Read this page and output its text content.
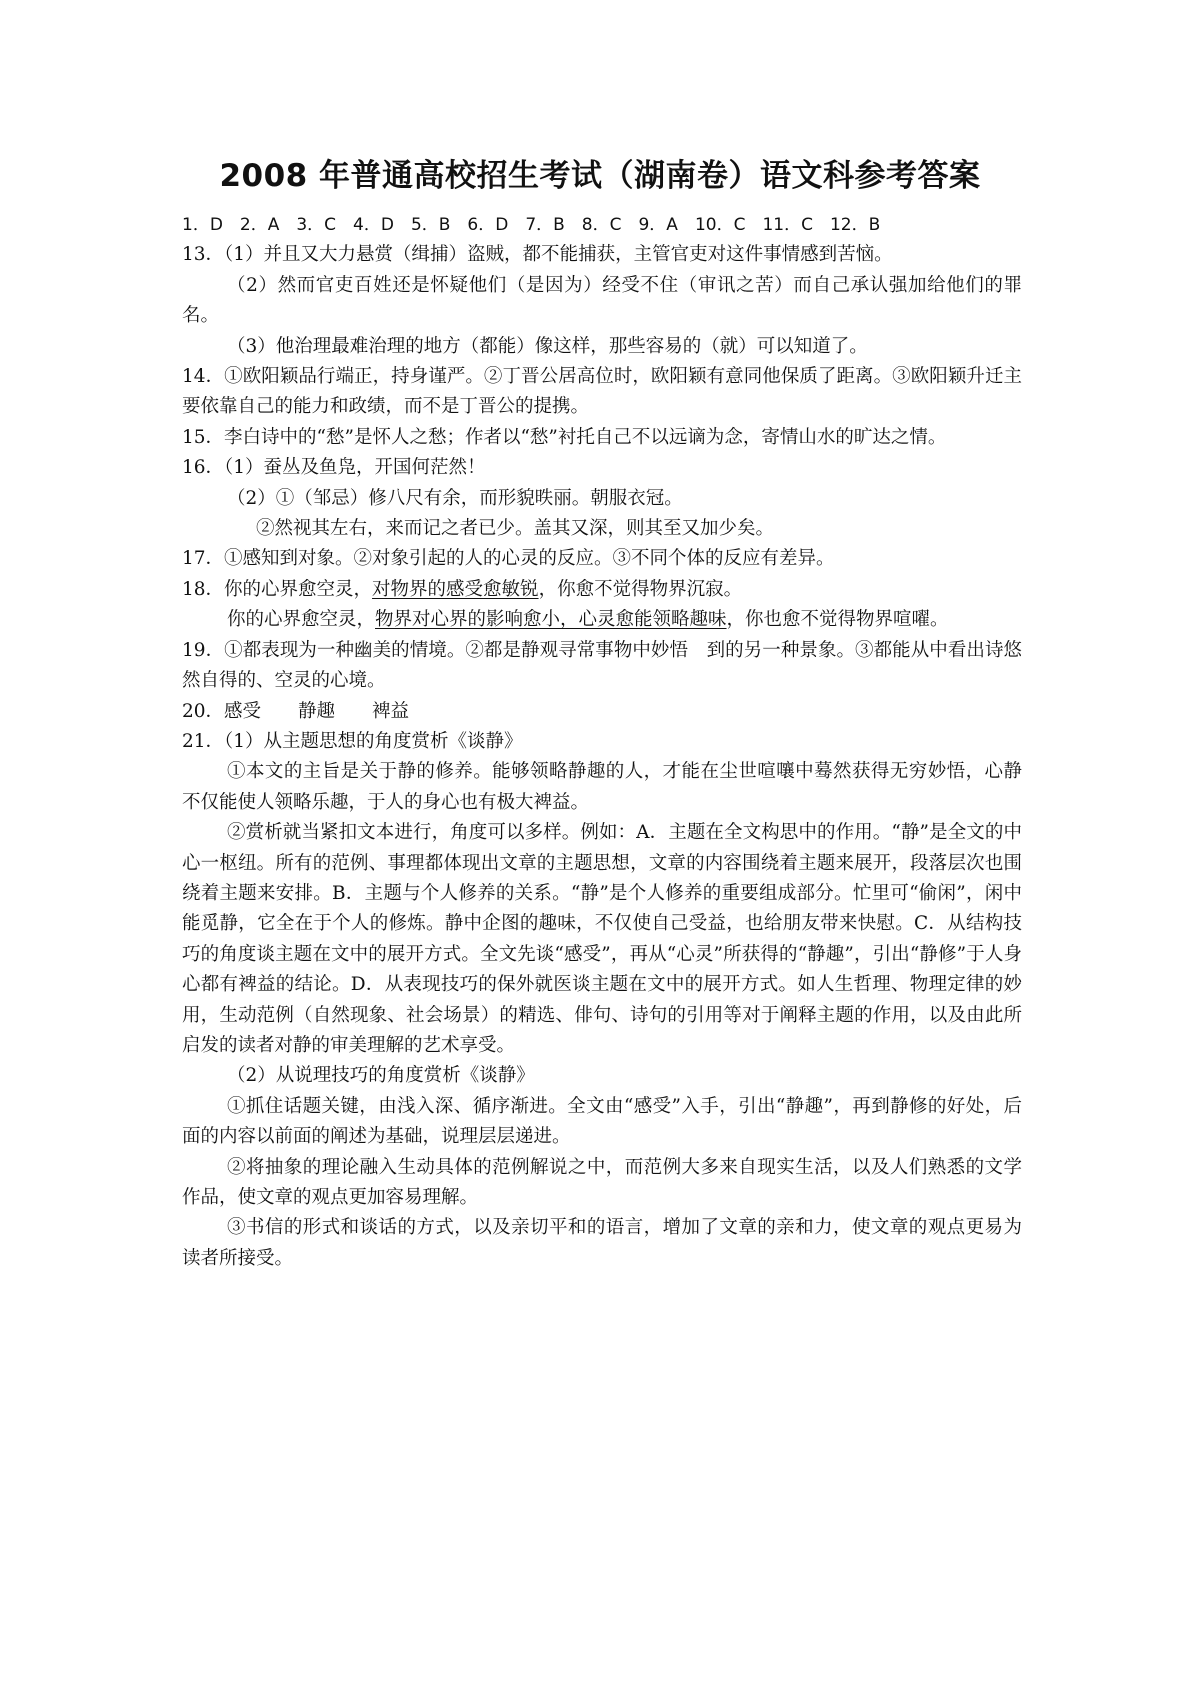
2008 年普通高校招生考试（湖南卷）语文科参考答案

1．D　2．A　3．C　4．D　5．B　6．D　7．B　8．C　9．A　10．C　11．C　12．B

13．（1）并且又大力悬赏（缉捕）盗贼，都不能捕获，主管官吏对这件事情感到苦恼。

（2）然而官吏百姓还是怀疑他们（是因为）经受不住（审讯之苦）而自己承认强加给他们的罪名。

（3）他治理最难治理的地方（都能）像这样，那些容易的（就）可以知道了。

14．①欧阳颖品行端正，持身谨严。②丁晋公居高位时，欧阳颖有意同他保质了距离。③欧阳颖升迁主要依靠自己的能力和政绩，而不是丁晋公的提携。

15．李白诗中的“愁”是怀人之愁；作者以“愁”衬托自己不以远谪为念，寄情山水的旷达之情。

16．（1）蚕丛及鱼凫，开国何茫然！

（2）①（邹忌）修八尺有余，而形貌昳丽。朝服衣冠。

②然视其左右，来而记之者已少。盖其又深，则其至又加少矣。

17．①感知到对象。②对象引起的人的心灵的反应。③不同个体的反应有差异。

18．你的心界愈空灵，对物界的感受愈敏锐，你愈不觉得物界沉寂。

你的心界愈空灵，物界对心界的影响愈小，心灵愈能领略趣味，你也愈不觉得物界喧嚁。

19．①都表现为一种幽美的情境。②都是静观寻常事物中妙悟　到的另一种景象。③都能从中看出诗悠然自得的、空灵的心境。

20．感受　　静趣　　裨益

21．（1）从主题思想的角度赏析《谈静》

①本文的主旨是关于静的修养。能够领略静趣的人，才能在尘世喧嚷中蓦然获得无穷妙悟，心静不仅能使人领略乐趣，于人的身心也有极大裨益。

②赏析就当紧扣文本进行，角度可以多样。例如：A．主题在全文构思中的作用。“静”是全文的中心一枢纽。所有的范例、事理都体现出文章的主题思想，文章的内容围绕着主题来展开，段落层次也围绕着主题来安排。B．主题与个人修养的关系。“静”是个人修养的重要组成部分。忙里可“偷闲”，闲中能觅静，它全在于个人的修炼。静中企图的趣味，不仅使自己受益，也给朋友带来快慰。C．从结构技巧的角度谈主题在文中的展开方式。全文先谈“感受”，再从“心灵”所获得的“静趣”，引出“静修”于人身心都有裨益的结论。D．从表现技巧的保外就医谈主题在文中的展开方式。如人生哲理、物理定律的妙用，生动范例（自然现象、社会场景）的精选、俳句、诗句的引用等对于阐释主题的作用，以及由此所启发的读者对静的审美理解的艺术享受。

（2）从说理技巧的角度赏析《谈静》

①抓住话题关键，由浅入深、循序渐进。全文由“感受”入手，引出“静趣”，再到静修的好处，后面的内容以前面的阐述为基础，说理层层递进。

②将抽象的理论融入生动具体的范例解说之中，而范例大多来自现实生活，以及人们熟悉的文学作品，使文章的观点更加容易理解。

③书信的形式和谈话的方式，以及亲切平和的语言，增加了文章的亲和力，使文章的观点更易为读者所接受。
